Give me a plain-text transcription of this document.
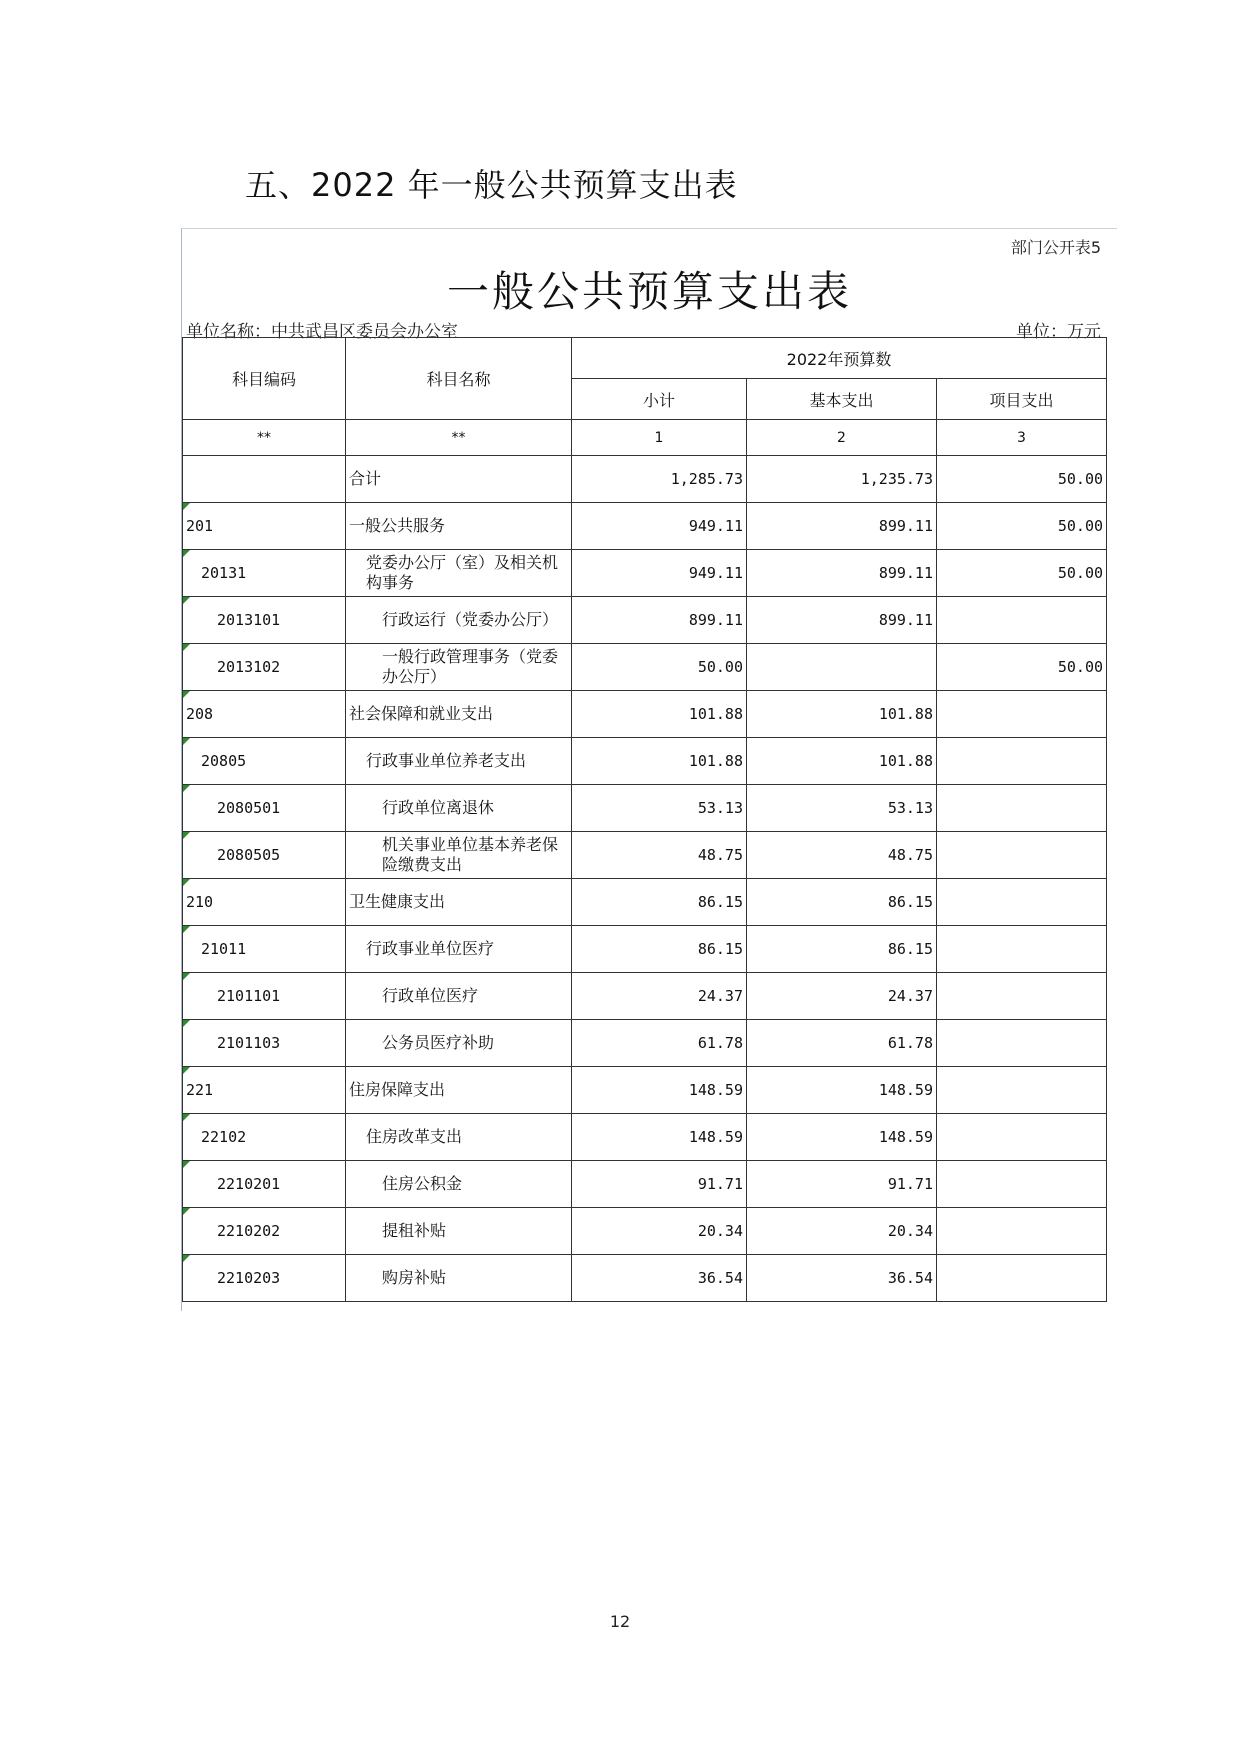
五、2022 年一般公共预算支出表
部门公开表5
一般公共预算支出表
单位名称：中共武昌区委员会办公室	单位：万元
科目编码	科目名称	2022年预算数		
		小计	基本支出	项目支出
**	**	1	2	3
	合计	1,285.73	1,235.73	50.00

201	一般公共服务	949.11	899.11	50.00

20131	党委办公厅（室）及相关机构事务	949.11	899.11	50.00

2013101	行政运行（党委办公厅）	899.11	899.11	

2013102	一般行政管理事务（党委办公厅）	50.00		50.00

208	社会保障和就业支出	101.88	101.88	

20805	行政事业单位养老支出	101.88	101.88	

2080501	行政单位离退休	53.13	53.13	

2080505	机关事业单位基本养老保险缴费支出	48.75	48.75	

210	卫生健康支出	86.15	86.15	

21011	行政事业单位医疗	86.15	86.15	

2101101	行政单位医疗	24.37	24.37	

2101103	公务员医疗补助	61.78	61.78	

221	住房保障支出	148.59	148.59	

22102	住房改革支出	148.59	148.59	

2210201	住房公积金	91.71	91.71	

2210202	提租补贴	20.34	20.34	

2210203	购房补贴	36.54	36.54	
12
